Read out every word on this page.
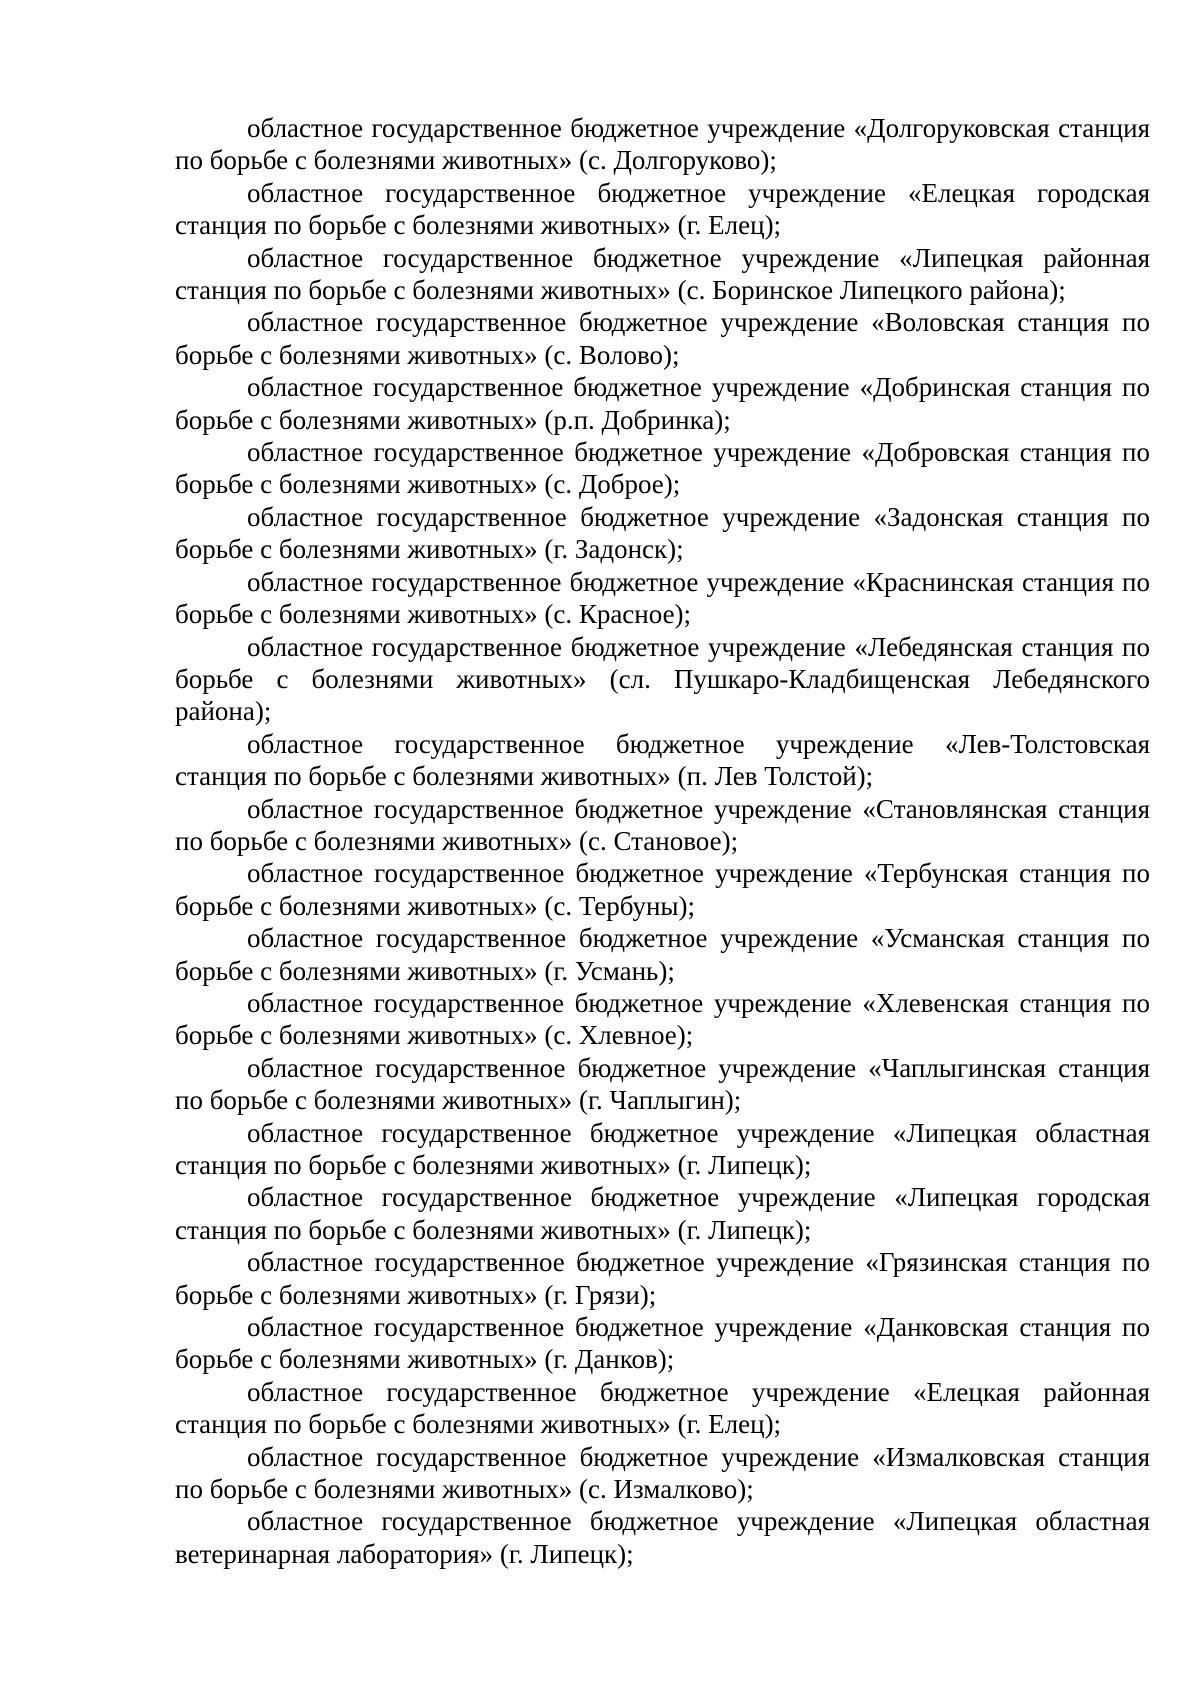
областное государственное бюджетное учреждение «Долгоруковская станция по борьбе с болезнями животных» (с. Долгоруково);

областное государственное бюджетное учреждение «Елецкая городская станция по борьбе с болезнями животных» (г. Елец);

областное государственное бюджетное учреждение «Липецкая районная станция по борьбе с болезнями животных» (с. Боринское Липецкого района);

областное государственное бюджетное учреждение «Воловская станция по борьбе с болезнями животных» (с. Волово);

областное государственное бюджетное учреждение «Добринская станция по борьбе с болезнями животных» (р.п. Добринка);

областное государственное бюджетное учреждение «Добровская станция по борьбе с болезнями животных» (с. Доброе);

областное государственное бюджетное учреждение «Задонская станция по борьбе с болезнями животных» (г. Задонск);

областное государственное бюджетное учреждение «Краснинская станция по борьбе с болезнями животных» (с. Красное);

областное государственное бюджетное учреждение «Лебедянская станция по борьбе с болезнями животных» (сл. Пушкаро-Кладбищенская Лебедянского района);

областное государственное бюджетное учреждение «Лев-Толстовская станция по борьбе с болезнями животных» (п. Лев Толстой);

областное государственное бюджетное учреждение «Становлянская станция по борьбе с болезнями животных» (с. Становое);

областное государственное бюджетное учреждение «Тербунская станция по борьбе с болезнями животных» (с. Тербуны);

областное государственное бюджетное учреждение «Усманская станция по борьбе с болезнями животных» (г. Усмань);

областное государственное бюджетное учреждение «Хлевенская станция по борьбе с болезнями животных» (с. Хлевное);

областное государственное бюджетное учреждение «Чаплыгинская станция по борьбе с болезнями животных» (г. Чаплыгин);

областное государственное бюджетное учреждение «Липецкая областная станция по борьбе с болезнями животных» (г. Липецк);

областное государственное бюджетное учреждение «Липецкая городская станция по борьбе с болезнями животных» (г. Липецк);

областное государственное бюджетное учреждение «Грязинская станция по борьбе с болезнями животных» (г. Грязи);

областное государственное бюджетное учреждение «Данковская станция по борьбе с болезнями животных» (г. Данков);

областное государственное бюджетное учреждение «Елецкая районная станция по борьбе с болезнями животных» (г. Елец);

областное государственное бюджетное учреждение «Измалковская станция по борьбе с болезнями животных» (с. Измалково);

областное государственное бюджетное учреждение «Липецкая областная ветеринарная лаборатория» (г. Липецк);
